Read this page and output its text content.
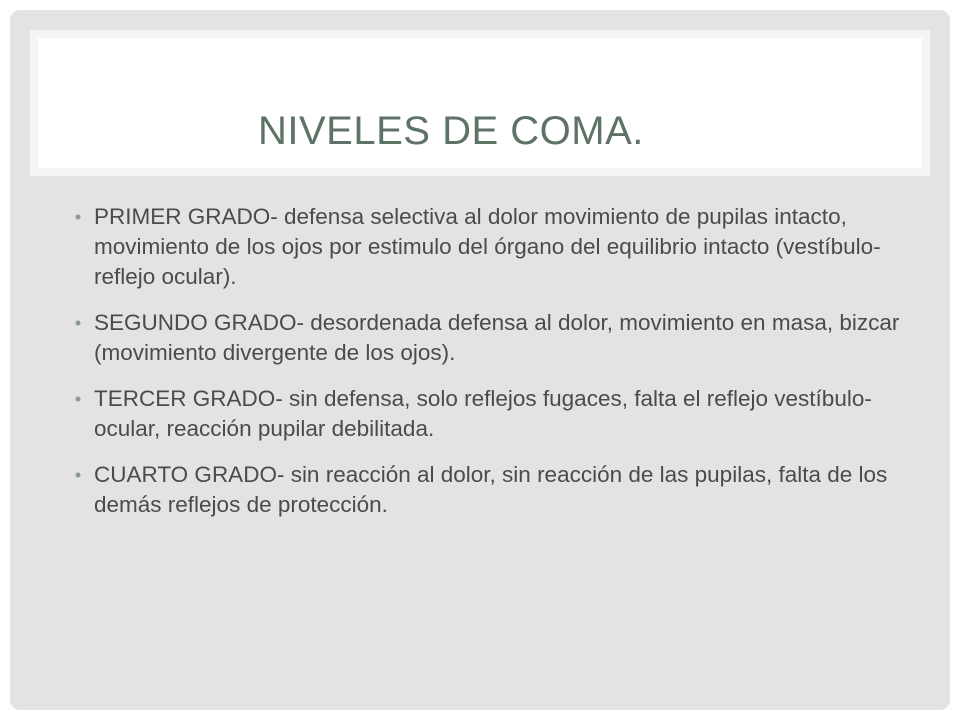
NIVELES DE COMA.
• PRIMER GRADO- defensa selectiva al dolor movimiento de pupilas intacto, movimiento de los ojos por estimulo del órgano del equilibrio intacto (vestíbulo-reflejo ocular).
• SEGUNDO GRADO- desordenada defensa al dolor, movimiento en masa, bizcar (movimiento divergente de los ojos).
• TERCER GRADO- sin defensa, solo reflejos fugaces, falta el reflejo vestíbulo-ocular, reacción pupilar debilitada.
• CUARTO GRADO- sin reacción al dolor, sin reacción de las pupilas, falta de los demás reflejos de protección.
